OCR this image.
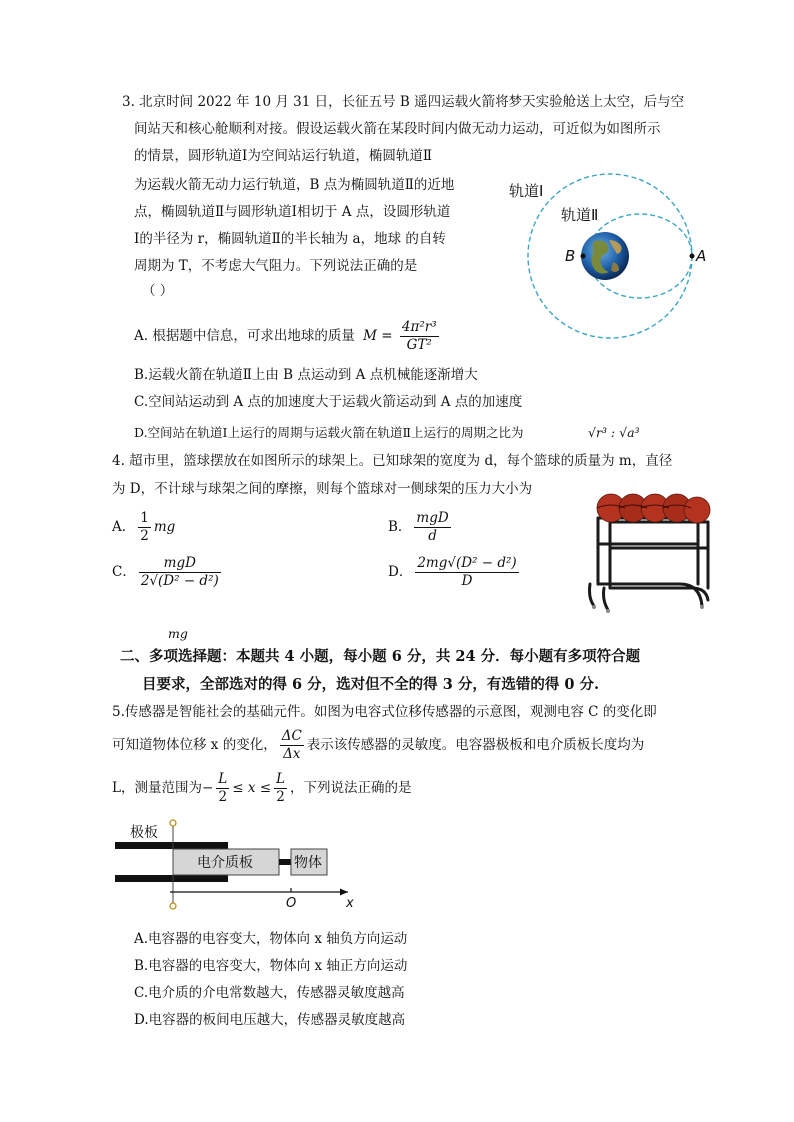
3. 北京时间 2022 年 10 月 31 日，长征五号 B 遥四运载火箭将梦天实验舱送上太空，后与空
间站天和核心舱顺利对接。假设运载火箭在某段时间内做无动力运动，可近似为如图所示
的情景，圆形轨道Ⅰ为空间站运行轨道，椭圆轨道Ⅱ
为运载火箭无动力运行轨道，B 点为椭圆轨道Ⅱ的近地
点，椭圆轨道Ⅱ与圆形轨道Ⅰ相切于 A 点，设圆形轨道
Ⅰ的半径为 r，椭圆轨道Ⅱ的半长轴为 a，地球 的自转
周期为 T，不考虑大气阻力。下列说法正确的是
（ ）
轨道Ⅰ
轨道Ⅱ
B	A
A. 根据题中信息，可求出地球的质量 $M = \frac{\text{4π²r³}}{\text{GT²}}$
B.运载火箭在轨道Ⅱ上由 B 点运动到 A 点机械能逐渐增大
C.空间站运动到 A 点的加速度大于运载火箭运动到 A 点的加速度
D.空间站在轨道Ⅰ上运行的周期与运载火箭在轨道Ⅱ上运行的周期之比为	√r³ : √a³
4. 超市里，篮球摆放在如图所示的球架上。已知球架的宽度为 d，每个篮球的质量为 m，直径
为 D，不计球与球架之间的摩擦，则每个篮球对一侧球架的压力大小为
A． $\frac{1}{2}$ mg	B． $\frac{\text{mgD}}{d}$
C． $\frac{\text{mgD}}{\text{2√(D² − d²)}}$	D． $\frac{\text{2mg√(D² − d²)}}{D}$
mg
二、多项选择题：本题共 4 小题，每小题 6 分，共 24 分．每小题有多项符合题
目要求，全部选对的得 6 分，选对但不全的得 3 分，有选错的得 0 分.
5.传感器是智能社会的基础元件。如图为电容式位移传感器的示意图，观测电容 C 的变化即
可知道物体位移 x 的变化， $\frac{\Delta C}{\Delta x}$ 表示该传感器的灵敏度。电容器极板和电介质板长度均为
L，测量范围为− $\frac{L}{2} \le x \le \frac{L}{2}$ ，下列说法正确的是
极板
电介质板	物体
O	x
A.电容器的电容变大，物体向 x 轴负方向运动
B.电容器的电容变大，物体向 x 轴正方向运动
C.电介质的介电常数越大，传感器灵敏度越高
D.电容器的板间电压越大，传感器灵敏度越高
